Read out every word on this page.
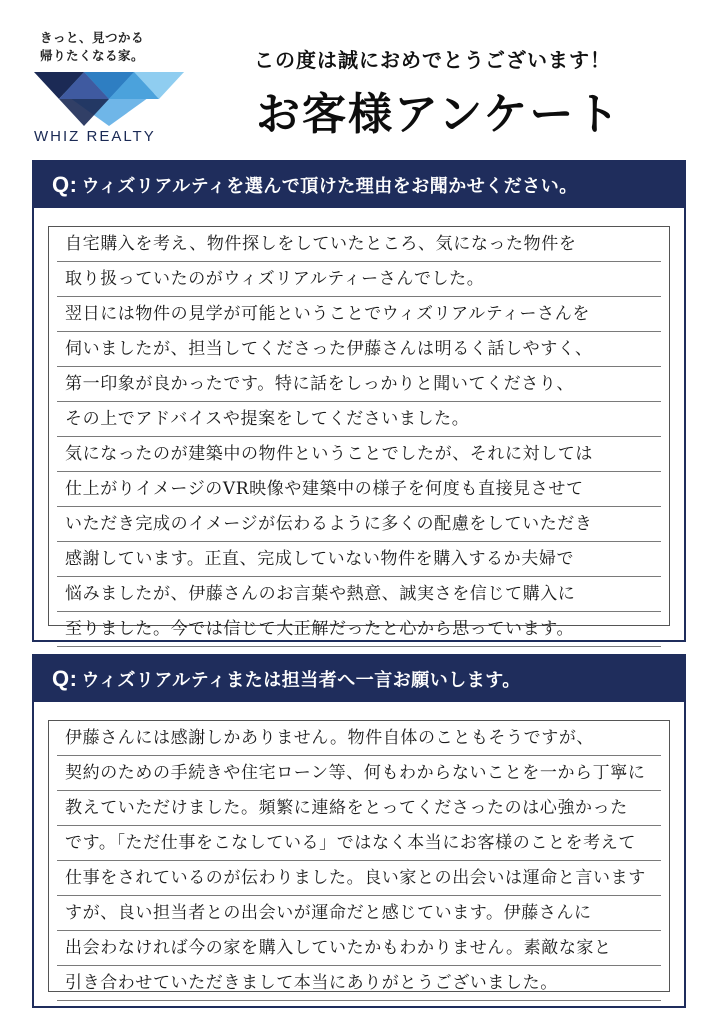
きっと、見つかる
帰りたくなる家。
WHIZ REALTY
この度は誠におめでとうございます！
お客様アンケート
Q: ウィズリアルティを選んで頂けた理由をお聞かせください。
自宅購入を考え、物件探しをしていたところ、気になった物件を
取り扱っていたのがウィズリアルティーさんでした。
翌日には物件の見学が可能ということでウィズリアルティーさんを
伺いましたが、担当してくださった伊藤さんは明るく話しやすく、
第一印象が良かったです。特に話をしっかりと聞いてくださり、
その上でアドバイスや提案をしてくださいました。
気になったのが建築中の物件ということでしたが、それに対しては
仕上がりイメージのVR映像や建築中の様子を何度も直接見させて
いただき完成のイメージが伝わるように多くの配慮をしていただき
感謝しています。正直、完成していない物件を購入するか夫婦で
悩みましたが、伊藤さんのお言葉や熱意、誠実さを信じて購入に
至りました。今では信じて大正解だったと心から思っています。
Q: ウィズリアルティまたは担当者へ一言お願いします。
伊藤さんには感謝しかありません。物件自体のこともそうですが、
契約のための手続きや住宅ローン等、何もわからないことを一から丁寧に
教えていただけました。頻繁に連絡をとってくださったのは心強かった
です。「ただ仕事をこなしている」ではなく本当にお客様のことを考えて
仕事をされているのが伝わりました。良い家との出会いは運命と言います
すが、良い担当者との出会いが運命だと感じています。伊藤さんに
出会わなければ今の家を購入していたかもわかりません。素敵な家と
引き合わせていただきまして本当にありがとうございました。
